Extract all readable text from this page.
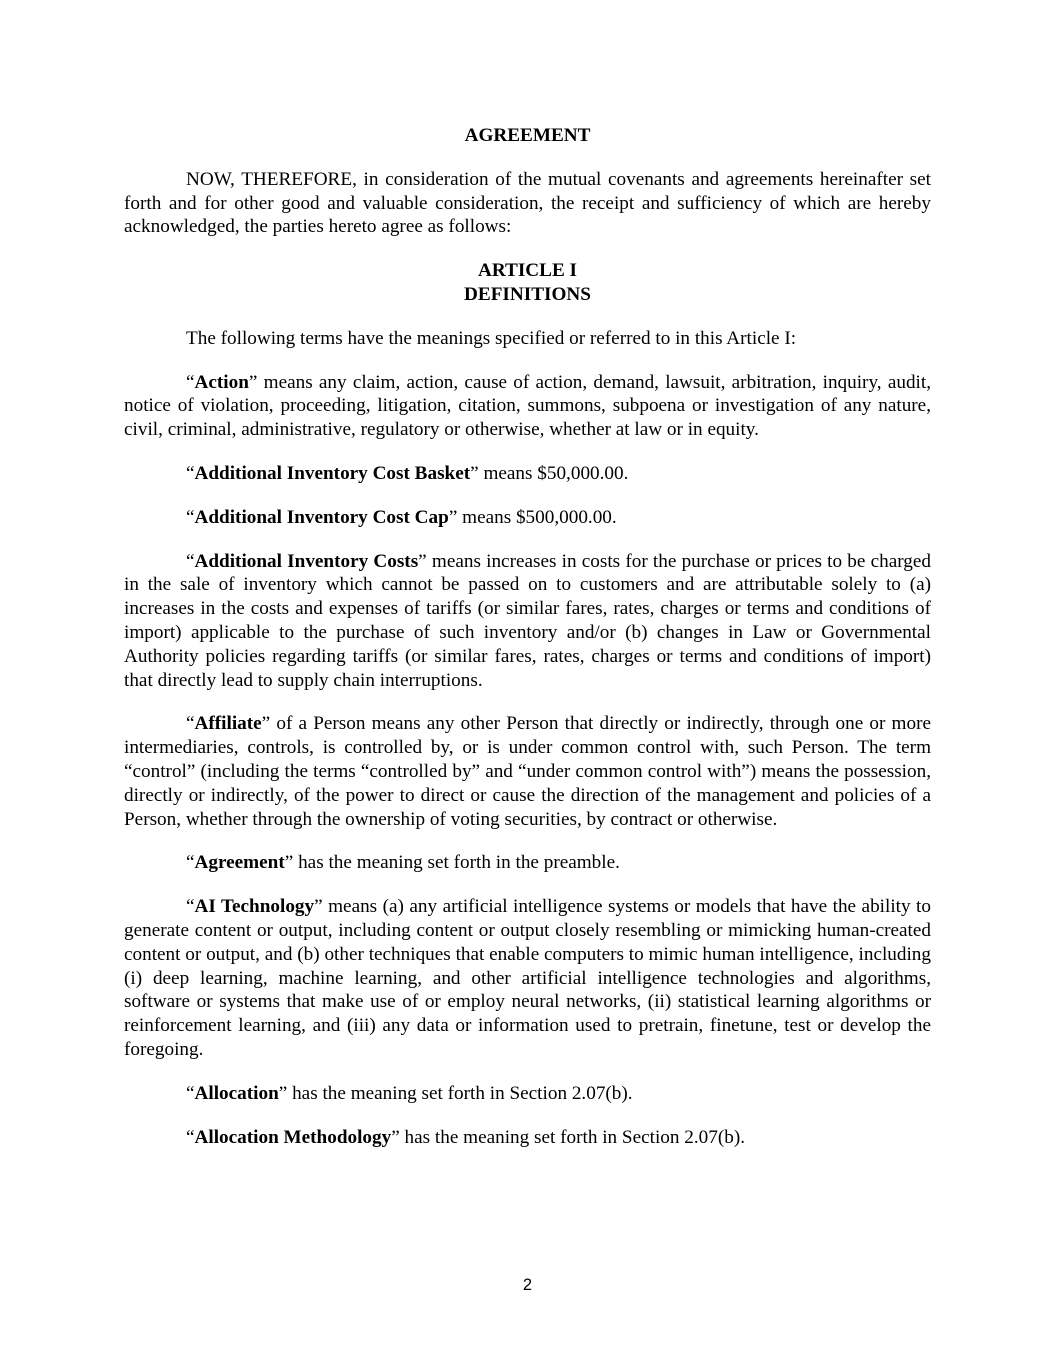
AGREEMENT

NOW, THEREFORE, in consideration of the mutual covenants and agreements hereinafter set forth and for other good and valuable consideration, the receipt and sufficiency of which are hereby acknowledged, the parties hereto agree as follows:

ARTICLE I

DEFINITIONS

The following terms have the meanings specified or referred to in this Article I:

“Action” means any claim, action, cause of action, demand, lawsuit, arbitration, inquiry, audit, notice of violation, proceeding, litigation, citation, summons, subpoena or investigation of any nature, civil, criminal, administrative, regulatory or otherwise, whether at law or in equity.

“Additional Inventory Cost Basket” means $50,000.00.

“Additional Inventory Cost Cap” means $500,000.00.

“Additional Inventory Costs” means increases in costs for the purchase or prices to be charged in the sale of inventory which cannot be passed on to customers and are attributable solely to (a) increases in the costs and expenses of tariffs (or similar fares, rates, charges or terms and conditions of import) applicable to the purchase of such inventory and/or (b) changes in Law or Governmental Authority policies regarding tariffs (or similar fares, rates, charges or terms and conditions of import) that directly lead to supply chain interruptions.

“Affiliate” of a Person means any other Person that directly or indirectly, through one or more intermediaries, controls, is controlled by, or is under common control with, such Person. The term “control” (including the terms “controlled by” and “under common control with”) means the possession, directly or indirectly, of the power to direct or cause the direction of the management and policies of a Person, whether through the ownership of voting securities, by contract or otherwise.

“Agreement” has the meaning set forth in the preamble.

“AI Technology” means (a) any artificial intelligence systems or models that have the ability to generate content or output, including content or output closely resembling or mimicking human-created content or output, and (b) other techniques that enable computers to mimic human intelligence, including (i) deep learning, machine learning, and other artificial intelligence technologies and algorithms, software or systems that make use of or employ neural networks, (ii) statistical learning algorithms or reinforcement learning, and (iii) any data or information used to pretrain, finetune, test or develop the foregoing.

“Allocation” has the meaning set forth in Section 2.07(b).

“Allocation Methodology” has the meaning set forth in Section 2.07(b).

2
